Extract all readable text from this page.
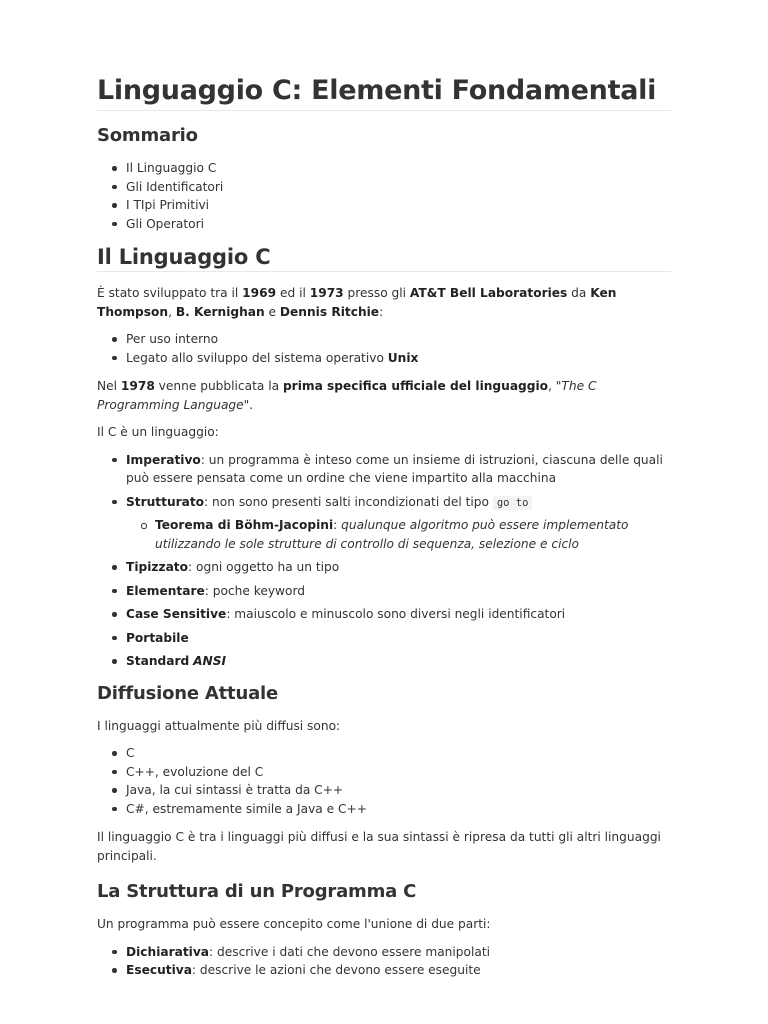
Linguaggio C: Elementi Fondamentali
Sommario
Il Linguaggio C
Gli Identificatori
I TIpi Primitivi
Gli Operatori
Il Linguaggio C

È stato sviluppato tra il 1969 ed il 1973 presso gli AT&T Bell Laboratories da Ken Thompson, B. Kernighan e Dennis Ritchie:

Per uso interno
Legato allo sviluppo del sistema operativo Unix

Nel 1978 venne pubblicata la prima specifica ufficiale del linguaggio, "The C Programming Language".

Il C è un linguaggio:

Imperativo: un programma è inteso come un insieme di istruzioni, ciascuna delle quali può essere pensata come un ordine che viene impartito alla macchina
Strutturato: non sono presenti salti incondizionati del tipo go to
Teorema di Böhm-Jacopini: qualunque algoritmo può essere implementato utilizzando le sole strutture di controllo di sequenza, selezione e ciclo
Tipizzato: ogni oggetto ha un tipo
Elementare: poche keyword
Case Sensitive: maiuscolo e minuscolo sono diversi negli identificatori
Portabile
Standard ANSI
Diffusione Attuale

I linguaggi attualmente più diffusi sono:

C
C++, evoluzione del C
Java, la cui sintassi è tratta da C++
C#, estremamente simile a Java e C++

Il linguaggio C è tra i linguaggi più diffusi e la sua sintassi è ripresa da tutti gli altri linguaggi principali.

La Struttura di un Programma C

Un programma può essere concepito come l'unione di due parti:

Dichiarativa: descrive i dati che devono essere manipolati
Esecutiva: descrive le azioni che devono essere eseguite
